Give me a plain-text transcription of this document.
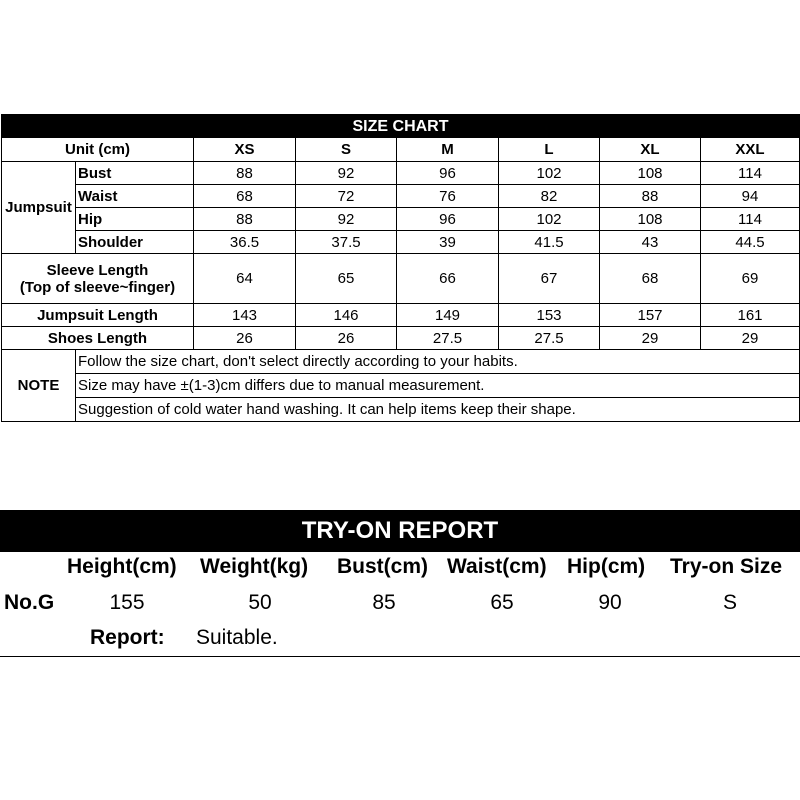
SIZE CHART							
Unit (cm)		XS	S	M	L	XL	XXL
Jumpsuit	Bust	88	92	96	102	108	114
	Waist	68	72	76	82	88	94
	Hip	88	92	96	102	108	114
	Shoulder	36.5	37.5	39	41.5	43	44.5

Sleeve Length
(Top of sleeve~finger)		64	65	66	67	68	69
Jumpsuit Length		143	146	149	153	157	161
Shoes Length		26	26	27.5	27.5	29	29
NOTE	Follow the size chart, don't select directly according to your habits.						
	Size may have ±(1-3)cm differs due to manual measurement.						
	Suggestion of cold water hand washing. It can help items keep their shape.						
TRY-ON REPORT
Height(cm) Weight(kg) Bust(cm) Waist(cm) Hip(cm) Try-on Size
No.G	155	50	85	65	90	S
Report: Suitable.
